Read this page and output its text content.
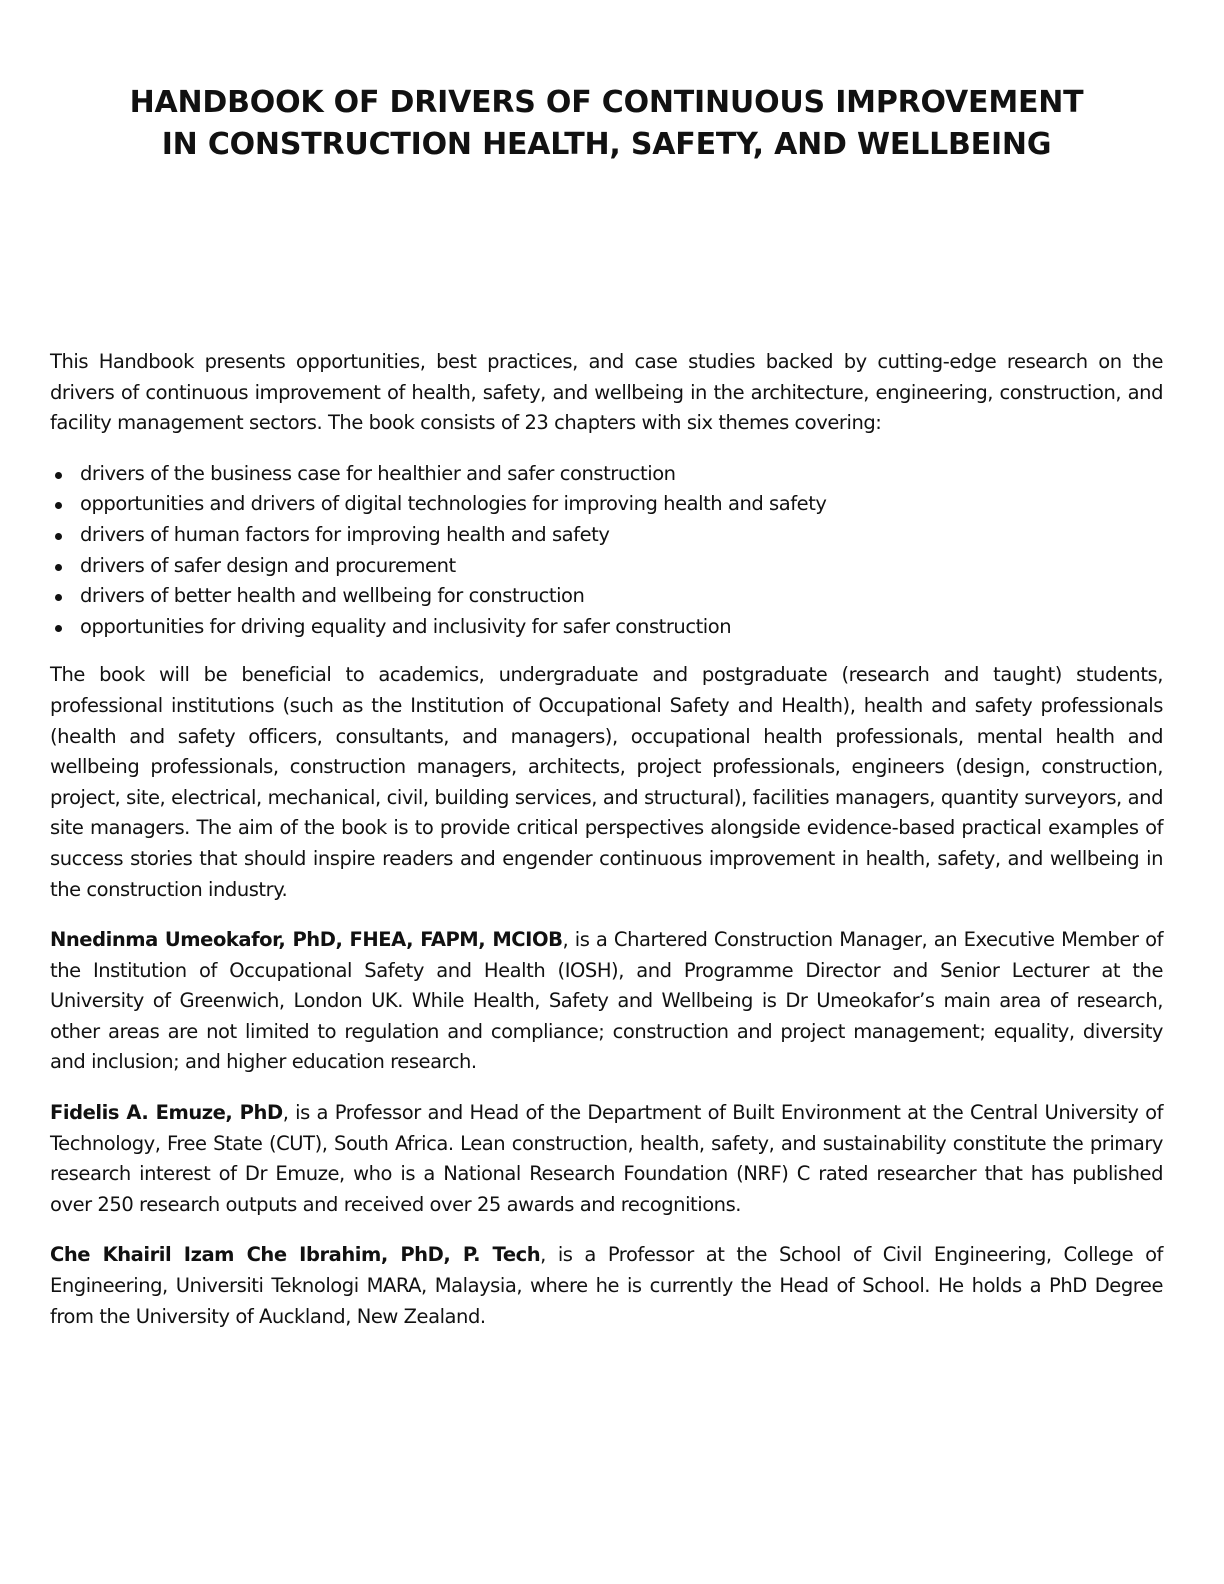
HANDBOOK OF DRIVERS OF CONTINUOUS IMPROVEMENT
IN CONSTRUCTION HEALTH, SAFETY, AND WELLBEING

This Handbook presents opportunities, best practices, and case studies backed by cutting-edge research on the drivers of continuous improvement of health, safety, and wellbeing in the architecture, engineering, construction, and facility management sectors. The book consists of 23 chapters with six themes covering:

drivers of the business case for healthier and safer construction
opportunities and drivers of digital technologies for improving health and safety
drivers of human factors for improving health and safety
drivers of safer design and procurement
drivers of better health and wellbeing for construction
opportunities for driving equality and inclusivity for safer construction

The book will be beneficial to academics, undergraduate and postgraduate (research and taught) students, professional institutions (such as the Institution of Occupational Safety and Health), health and safety professionals (health and safety officers, consultants, and managers), occupational health professionals, mental health and wellbeing professionals, construction managers, architects, project professionals, engineers (design, construction, project, site, electrical, mechanical, civil, building services, and structural), facilities managers, quantity surveyors, and site managers. The aim of the book is to provide critical perspectives alongside evidence-based practical examples of success stories that should inspire readers and engender continuous improvement in health, safety, and wellbeing in the construction industry.

Nnedinma Umeokafor, PhD, FHEA, FAPM, MCIOB, is a Chartered Construction Manager, an Executive Member of the Institution of Occupational Safety and Health (IOSH), and Programme Director and Senior Lecturer at the University of Greenwich, London UK. While Health, Safety and Wellbeing is Dr Umeokafor’s main area of research, other areas are not limited to regulation and compliance; construction and project management; equality, diversity and inclusion; and higher education research.

Fidelis A. Emuze, PhD, is a Professor and Head of the Department of Built Environment at the Central University of Technology, Free State (CUT), South Africa. Lean construction, health, safety, and sustainability constitute the primary research interest of Dr Emuze, who is a National Research Foundation (NRF) C rated researcher that has published over 250 research outputs and received over 25 awards and recognitions.

Che Khairil Izam Che Ibrahim, PhD, P. Tech, is a Professor at the School of Civil Engineering, College of Engineering, Universiti Teknologi MARA, Malaysia, where he is currently the Head of School. He holds a PhD Degree from the University of Auckland, New Zealand.
